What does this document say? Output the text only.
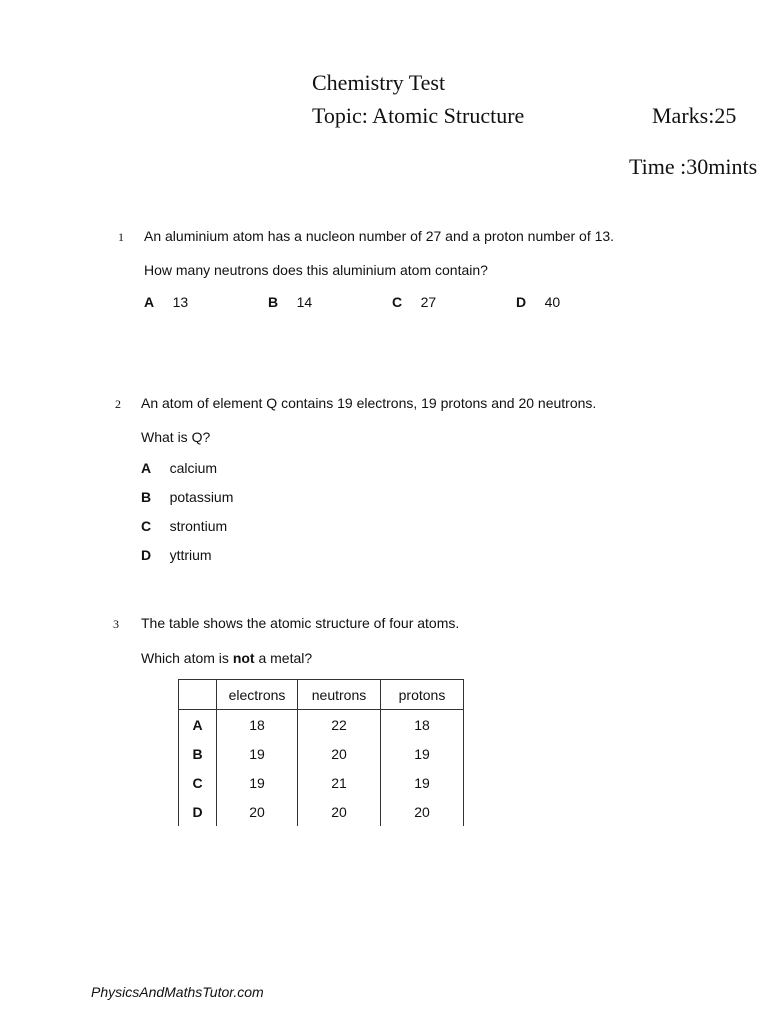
Chemistry Test
Topic: Atomic Structure	Marks:25
Time :30mints
1 An aluminium atom has a nucleon number of 27 and a proton number of 13.
How many neutrons does this aluminium atom contain?
A 13	B 14	C 27	D 40
2 An atom of element Q contains 19 electrons, 19 protons and 20 neutrons.
What is Q?
A calcium
B potassium
C strontium
D yttrium
3 The table shows the atomic structure of four atoms.
Which atom is not a metal?
	electrons	neutrons	protons
A	18	22	18
B	19	20	19
C	19	21	19
D	20	20	20
PhysicsAndMathsTutor.com
